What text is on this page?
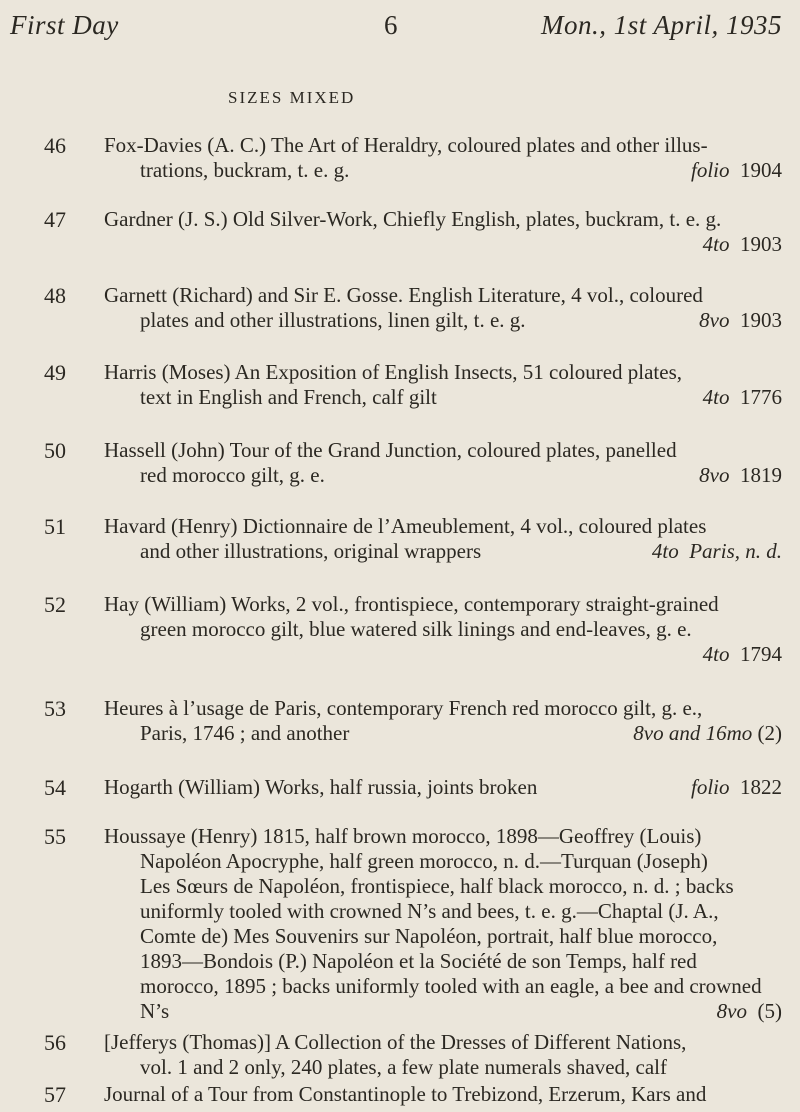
First Day	6	Mon., 1st April, 1935
SIZES MIXED
46 Fox-Davies (A. C.) The Art of Heraldry, coloured plates and other illus-
trations, buckram, t. e. g.	folio 1904
47 Gardner (J. S.) Old Silver-Work, Chiefly English, plates, buckram, t. e. g.
4to 1903
48 Garnett (Richard) and Sir E. Gosse. English Literature, 4 vol., coloured
plates and other illustrations, linen gilt, t. e. g.	8vo 1903
49 Harris (Moses) An Exposition of English Insects, 51 coloured plates,
text in English and French, calf gilt	4to 1776
50 Hassell (John) Tour of the Grand Junction, coloured plates, panelled
red morocco gilt, g. e.	8vo 1819
51 Havard (Henry) Dictionnaire de l’Ameublement, 4 vol., coloured plates
and other illustrations, original wrappers	4to Paris, n. d.
52 Hay (William) Works, 2 vol., frontispiece, contemporary straight-grained
green morocco gilt, blue watered silk linings and end-leaves, g. e.
4to 1794
53 Heures à l’usage de Paris, contemporary French red morocco gilt, g. e.,
Paris, 1746 ; and another	8vo and 16mo (2)
54 Hogarth (William) Works, half russia, joints broken	folio 1822
55 Houssaye (Henry) 1815, half brown morocco, 1898—Geoffrey (Louis)
Napoléon Apocryphe, half green morocco, n. d.—Turquan (Joseph)
Les Sœurs de Napoléon, frontispiece, half black morocco, n. d. ; backs
uniformly tooled with crowned N’s and bees, t. e. g.—Chaptal (J. A.,
Comte de) Mes Souvenirs sur Napoléon, portrait, half blue morocco,
1893—Bondois (P.) Napoléon et la Société de son Temps, half red
morocco, 1895 ; backs uniformly tooled with an eagle, a bee and crowned
N’s	8vo (5)
56 [Jefferys (Thomas)] A Collection of the Dresses of Different Nations,
vol. 1 and 2 only, 240 plates, a few plate numerals shaved, calf
57 Journal of a Tour from Constantinople to Trebizond, Erzerum, Kars and
